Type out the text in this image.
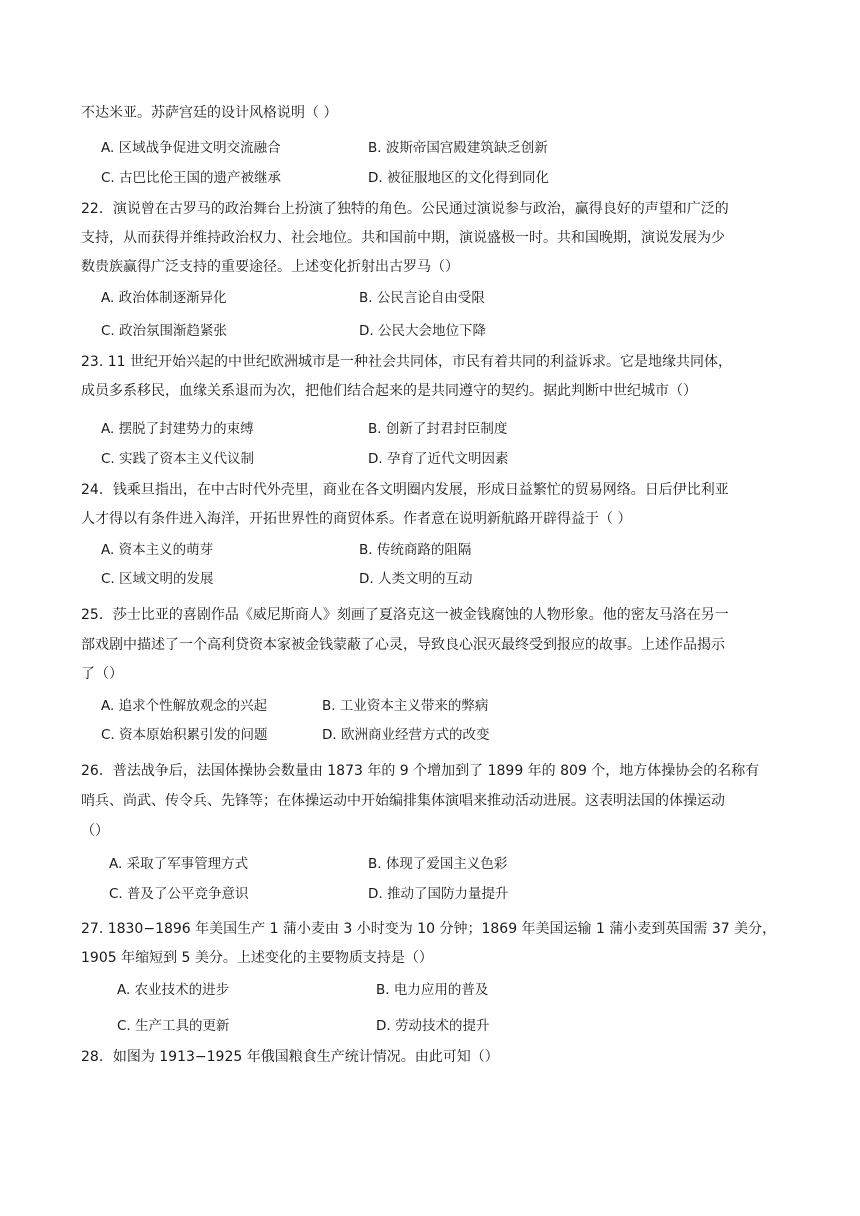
不达米亚。苏萨宫廷的设计风格说明（ ）
A. 区域战争促进文明交流融合	B. 波斯帝国宫殿建筑缺乏创新
C. 古巴比伦王国的遗产被继承	D. 被征服地区的文化得到同化
22．演说曾在古罗马的政治舞台上扮演了独特的角色。公民通过演说参与政治，赢得良好的声望和广泛的
支持，从而获得并维持政治权力、社会地位。共和国前中期，演说盛极一时。共和国晚期，演说发展为少
数贵族赢得广泛支持的重要途径。上述变化折射出古罗马（）
A. 政治体制逐渐异化	B. 公民言论自由受限
C. 政治氛围渐趋紧张	D. 公民大会地位下降
23. 11 世纪开始兴起的中世纪欧洲城市是一种社会共同体，市民有着共同的利益诉求。它是地缘共同体，
成员多系移民，血缘关系退而为次，把他们结合起来的是共同遵守的契约。据此判断中世纪城市（）
A. 摆脱了封建势力的束缚	B. 创新了封君封臣制度
C. 实践了资本主义代议制	D. 孕育了近代文明因素
24．钱乘旦指出，在中古时代外壳里，商业在各文明圈内发展，形成日益繁忙的贸易网络。日后伊比利亚
人才得以有条件进入海洋，开拓世界性的商贸体系。作者意在说明新航路开辟得益于（ ）
A. 资本主义的萌芽	B. 传统商路的阻隔
C. 区域文明的发展	D. 人类文明的互动
25．莎士比亚的喜剧作品《威尼斯商人》刻画了夏洛克这一被金钱腐蚀的人物形象。他的密友马洛在另一
部戏剧中描述了一个高利贷资本家被金钱蒙蔽了心灵，导致良心泯灭最终受到报应的故事。上述作品揭示
了（）
A. 追求个性解放观念的兴起	B. 工业资本主义带来的弊病
C. 资本原始积累引发的问题	D. 欧洲商业经营方式的改变
26．普法战争后，法国体操协会数量由 1873 年的 9 个增加到了 1899 年的 809 个，地方体操协会的名称有
哨兵、尚武、传令兵、先锋等；在体操运动中开始编排集体演唱来推动活动进展。这表明法国的体操运动
（）
A. 采取了军事管理方式	B. 体现了爱国主义色彩
C. 普及了公平竞争意识	D. 推动了国防力量提升
27. 1830−1896 年美国生产 1 蒲小麦由 3 小时变为 10 分钟；1869 年美国运输 1 蒲小麦到英国需 37 美分，
1905 年缩短到 5 美分。上述变化的主要物质支持是（）
A. 农业技术的进步	B. 电力应用的普及
C. 生产工具的更新	D. 劳动技术的提升
28．如图为 1913−1925 年俄国粮食生产统计情况。由此可知（）
